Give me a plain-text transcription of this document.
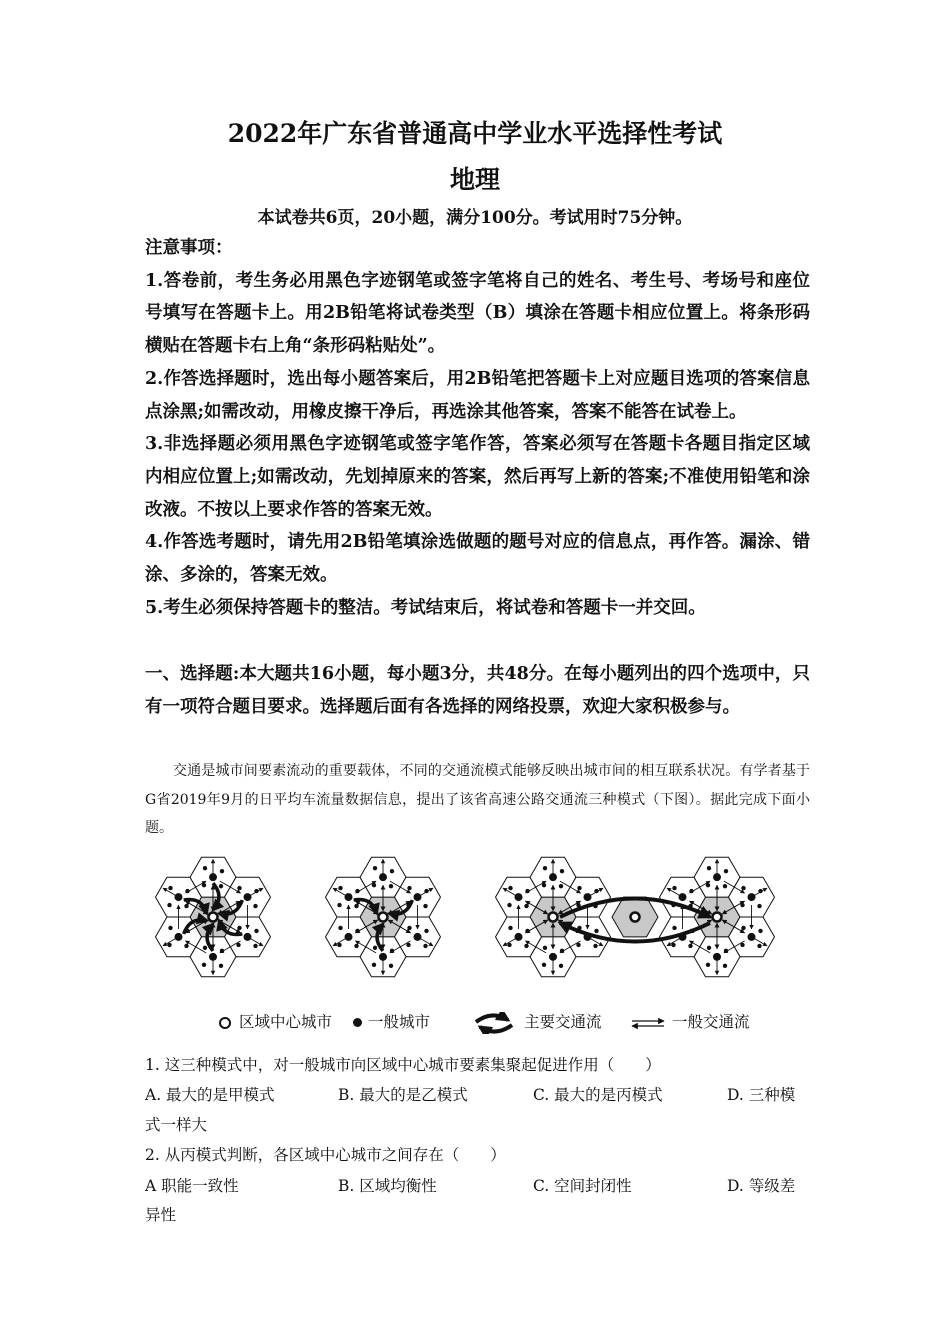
2022年广东省普通高中学业水平选择性考试
地理
本试卷共6页，20小题，满分100分。考试用时75分钟。

注意事项：

1.答卷前，考生务必用黑色字迹钢笔或签字笔将自己的姓名、考生号、考场号和座位号填写在答题卡上。用2B铅笔将试卷类型（B）填涂在答题卡相应位置上。将条形码横贴在答题卡右上角“条形码粘贴处”。

2.作答选择题时，选出每小题答案后，用2B铅笔把答题卡上对应题目选项的答案信息点涂黑;如需改动，用橡皮擦干净后，再选涂其他答案，答案不能答在试卷上。

3.非选择题必须用黑色字迹钢笔或签字笔作答，答案必须写在答题卡各题目指定区域内相应位置上;如需改动，先划掉原来的答案，然后再写上新的答案;不准使用铅笔和涂改液。不按以上要求作答的答案无效。

4.作答选考题时，请先用2B铅笔填涂选做题的题号对应的信息点，再作答。漏涂、错涂、多涂的，答案无效。

5.考生必须保持答题卡的整洁。考试结束后，将试卷和答题卡一并交回。

一、选择题:本大题共16小题，每小题3分，共48分。在每小题列出的四个选项中，只有一项符合题目要求。选择题后面有各选择的网络投票，欢迎大家积极参与。

交通是城市间要素流动的重要载体，不同的交通流模式能够反映出城市间的相互联系状况。有学者基于G省2019年9月的日平均车流量数据信息，提出了该省高速公路交通流三种模式（下图）。据此完成下面小题。

区域中心城市	一般城市	主要交通流	一般交通流
1. 这三种模式中，对一般城市向区域中心城市要素集聚起促进作用（　　）
A. 最大的是甲模式	B. 最大的是乙模式	C. 最大的是丙模式	D. 三种模
式一样大
2. 从丙模式判断，各区域中心城市之间存在（　　）
A 职能一致性	B. 区域均衡性	C. 空间封闭性	D. 等级差
异性
